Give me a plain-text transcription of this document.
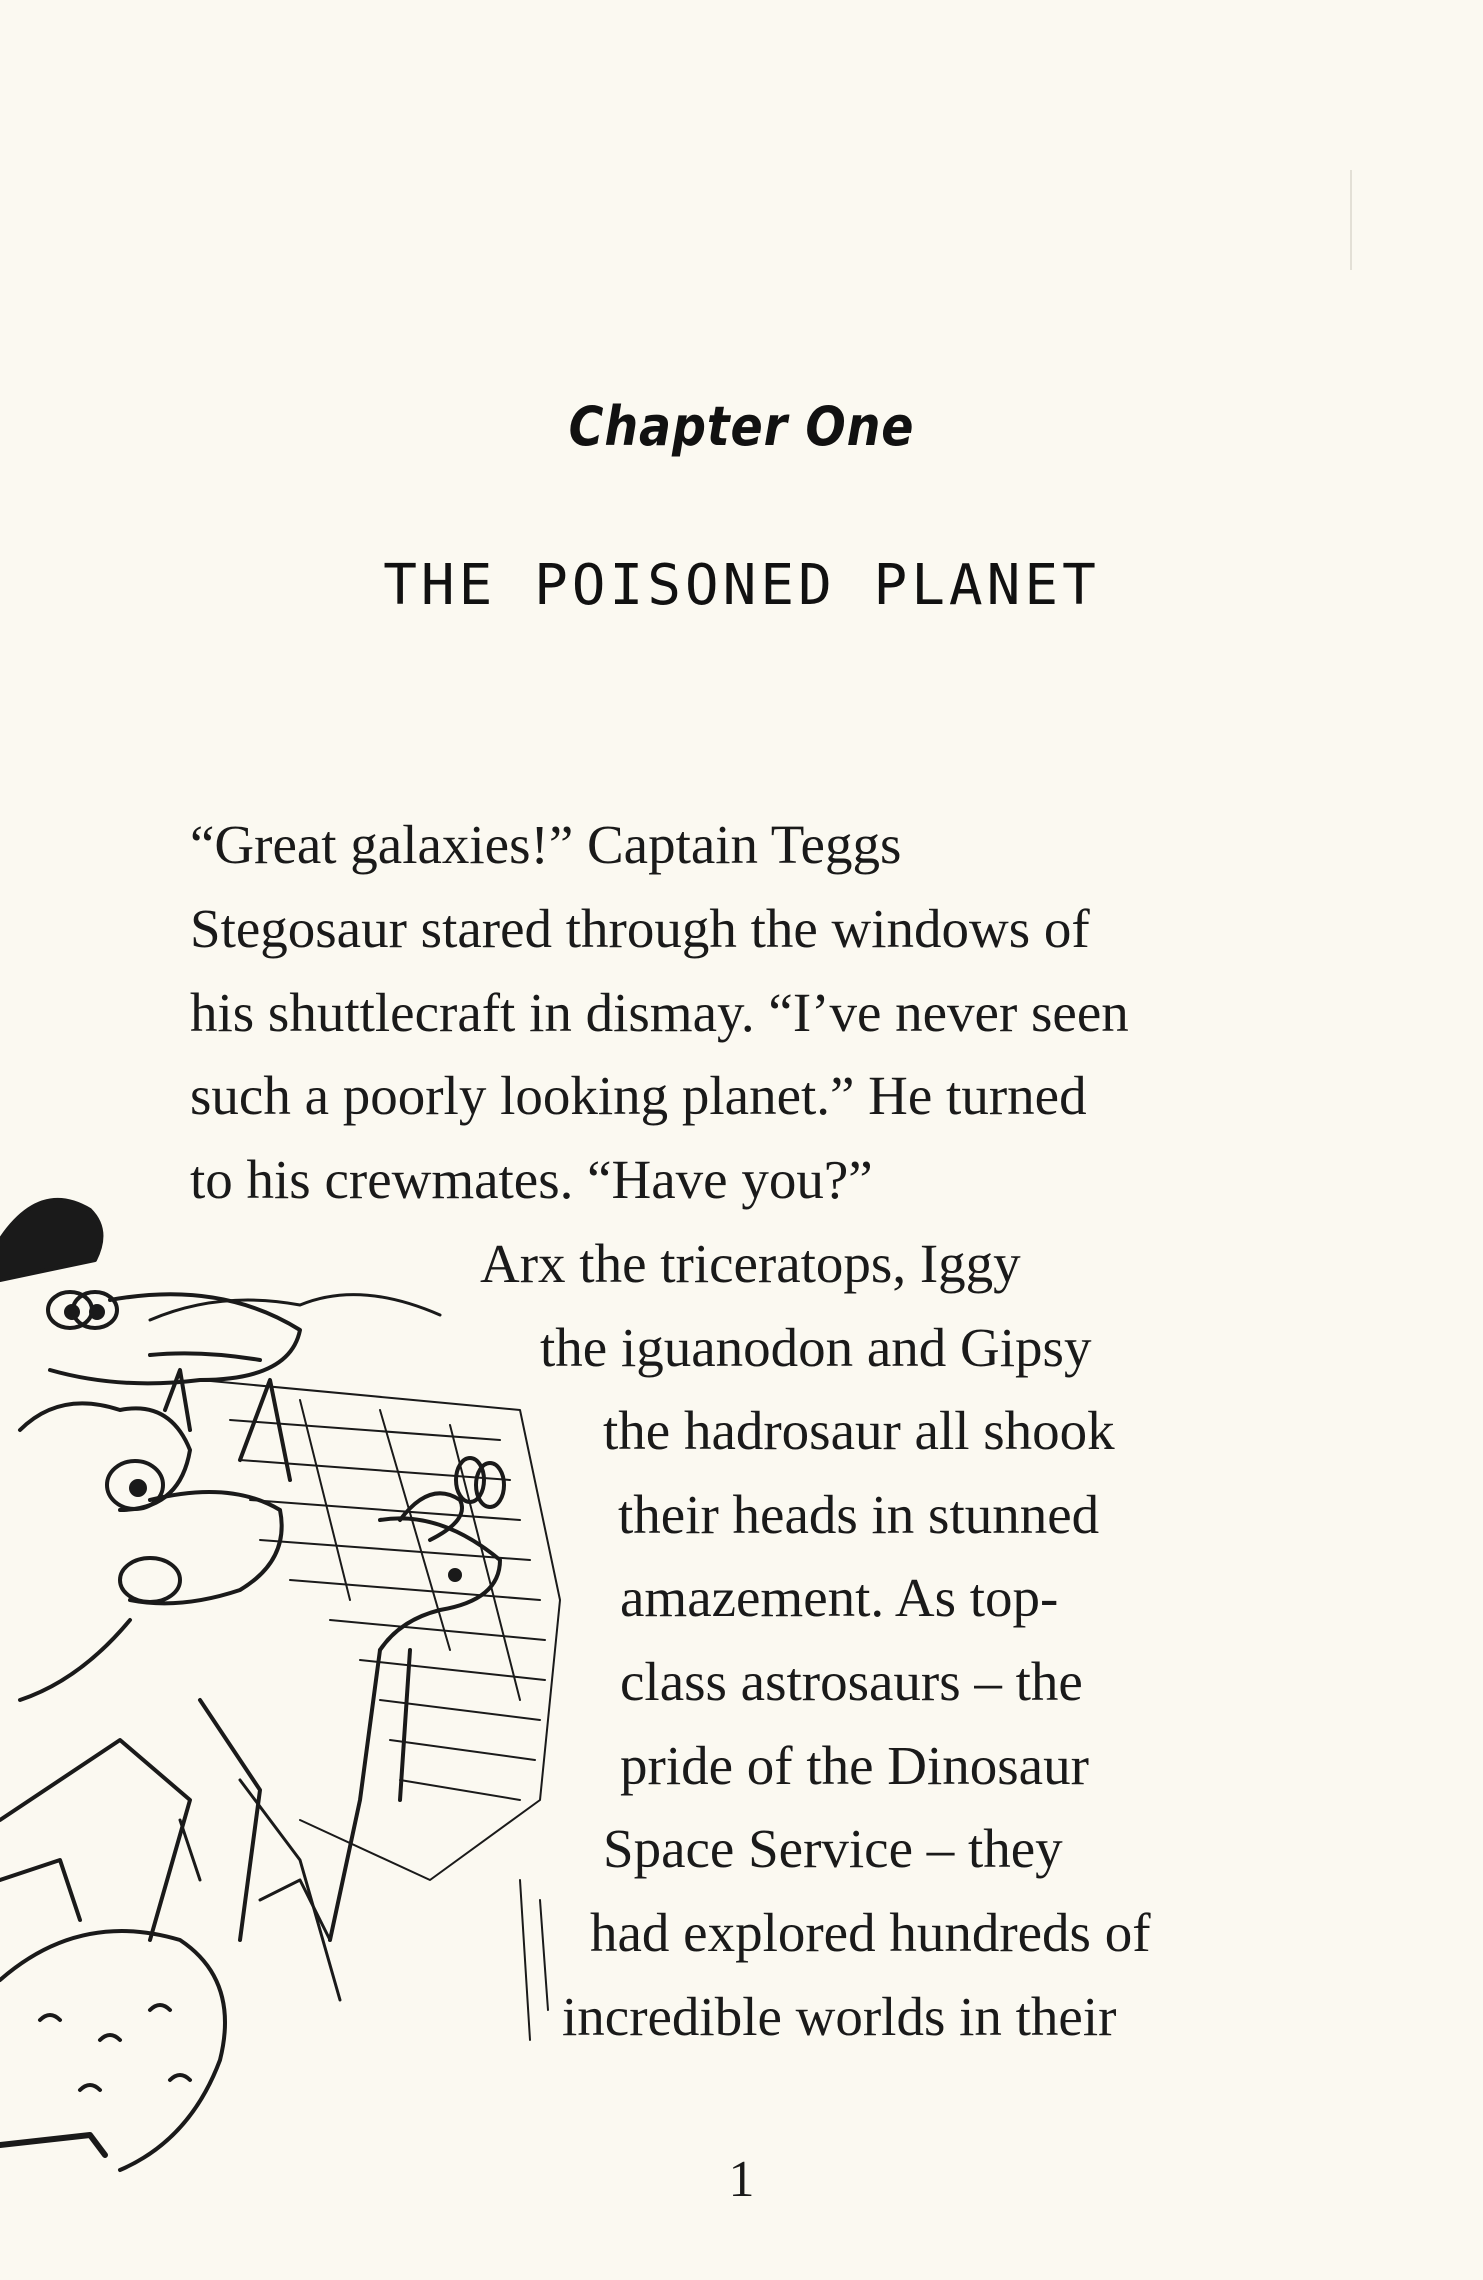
Chapter One
THE POISONED PLANET
“Great galaxies!” Captain Teggs
Stegosaur stared through the windows of
his shuttlecraft in dismay. “I’ve never seen
such a poorly looking planet.” He turned
to his crewmates. “Have you?”
Arx the triceratops, Iggy
the iguanodon and Gipsy
the hadrosaur all shook
their heads in stunned
amazement. As top-
class astrosaurs – the
pride of the Dinosaur
Space Service – they
had explored hundreds of
incredible worlds in their
1
